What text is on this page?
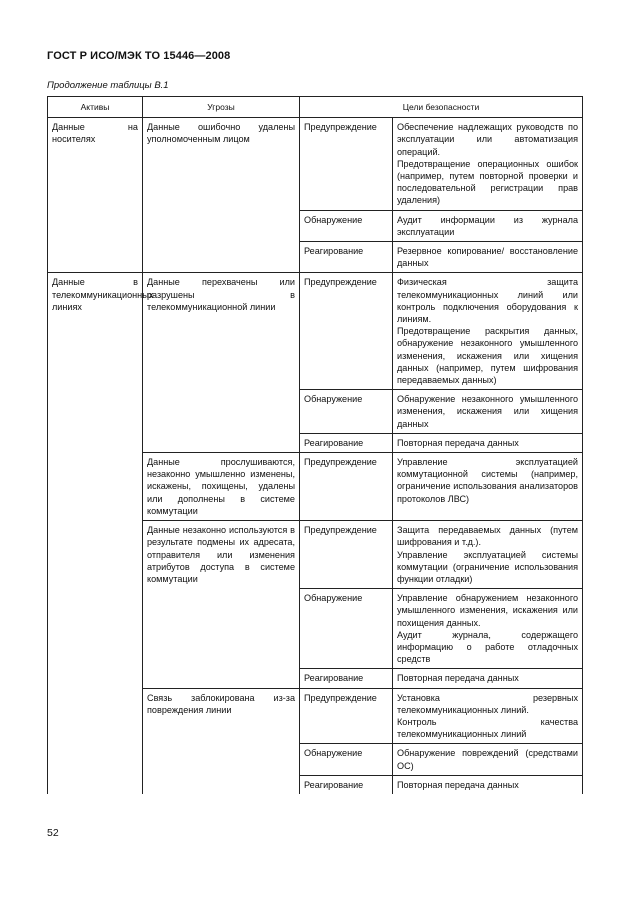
ГОСТ Р ИСО/МЭК ТО 15446—2008
Продолжение таблицы В.1
Активы	Угрозы	Цели безопасности	
Данные на носителях	Данные ошибочно удалены уполномоченным лицом	Предупреждение	Обеспечение надлежащих руководств по эксплуатации или автоматизация операций.
Предотвращение операционных ошибок (например, путем повторной проверки и последовательной регистрации прав удаления)

		Обнаружение	Аудит информации из журнала эксплуатации
		Реагирование	Резервное копирование/ восстановление данных
Данные в телекоммуникационных линиях	Данные перехвачены или разрушены в телекоммуникационной линии	Предупреждение	Физическая защита телекоммуникационных линий или контроль подключения оборудования к линиям.
Предотвращение раскрытия данных, обнаружение незаконного умышленного изменения, искажения или хищения данных (например, путем шифрования передаваемых данных)

		Обнаружение	Обнаружение незаконного умышленного изменения, искажения или хищения данных
		Реагирование	Повторная передача данных
	Данные прослушиваются, незаконно умышленно изменены, искажены, похищены, удалены или дополнены в системе коммутации	Предупреждение	Управление эксплуатацией коммутационной системы (например, ограничение использования анализаторов протоколов ЛВС)
	Данные незаконно используются в результате подмены их адресата, отправителя или изменения атрибутов доступа в системе коммутации	Предупреждение	Защита передаваемых данных (путем шифрования и т.д.).
Управление эксплуатацией системы коммутации (ограничение использования функции отладки)

		Обнаружение	Управление обнаружением незаконного умышленного изменения, искажения или похищения данных.
Аудит журнала, содержащего информацию о работе отладочных средств

		Реагирование	Повторная передача данных
	Связь заблокирована из-за повреждения линии	Предупреждение	Установка резервных телекоммуникационных линий.
Контроль качества телекоммуникационных линий

		Обнаружение	Обнаружение повреждений (средствами ОС)
		Реагирование	Повторная передача данных
52
